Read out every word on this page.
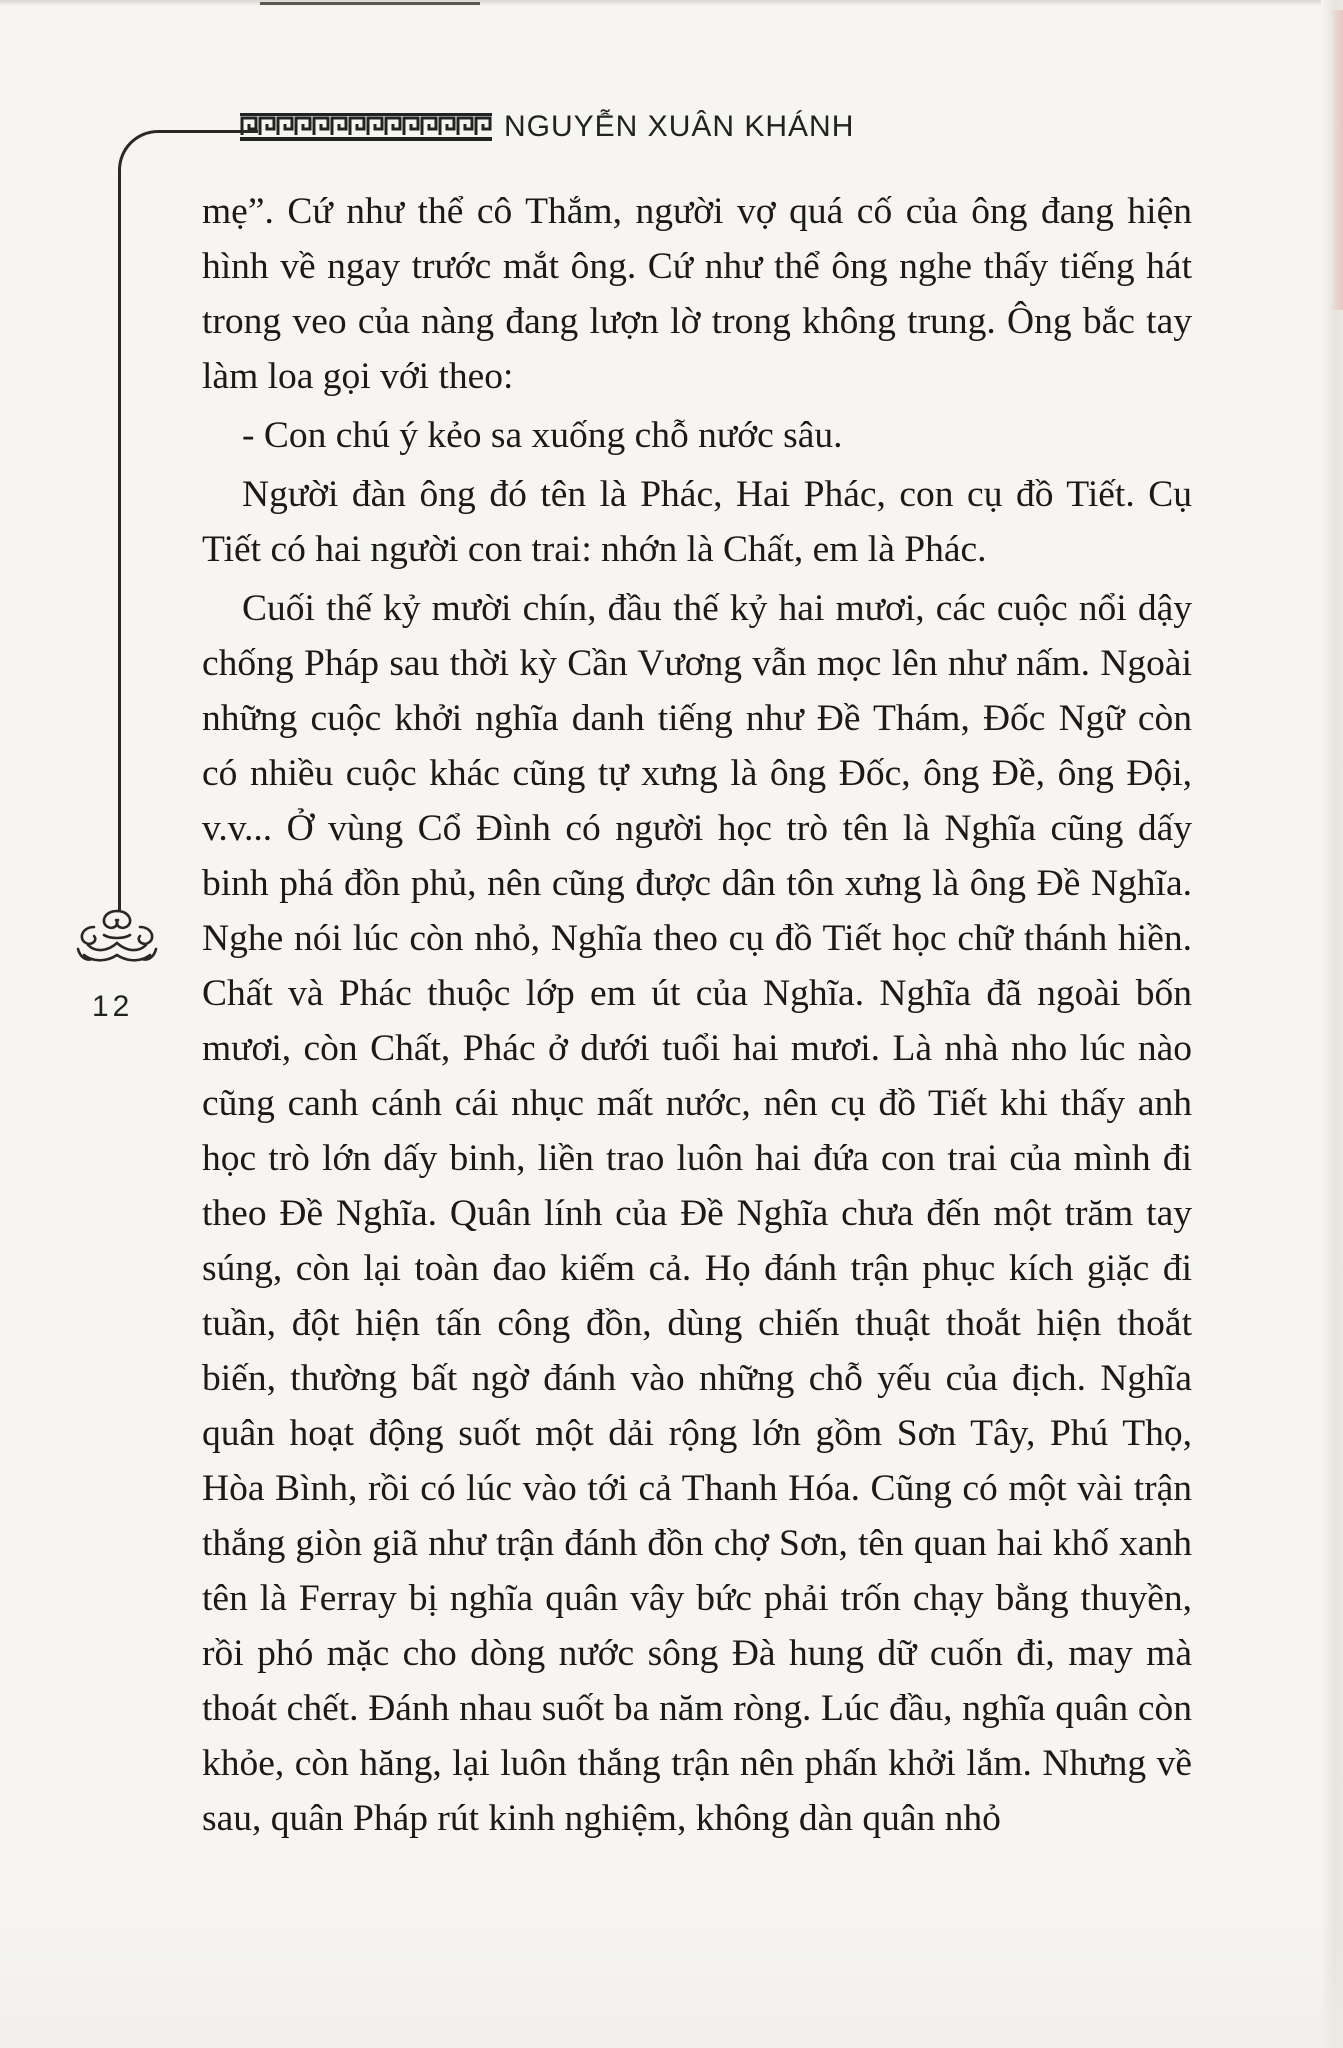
NGUYỄN XUÂN KHÁNH
12

mẹ”. Cứ như thể cô Thắm, người vợ quá cố của ông đang hiện hình về ngay trước mắt ông. Cứ như thể ông nghe thấy tiếng hát trong veo của nàng đang lượn lờ trong không trung. Ông bắc tay làm loa gọi với theo:

- Con chú ý kẻo sa xuống chỗ nước sâu.

Người đàn ông đó tên là Phác, Hai Phác, con cụ đồ Tiết. Cụ Tiết có hai người con trai: nhớn là Chất, em là Phác.

Cuối thế kỷ mười chín, đầu thế kỷ hai mươi, các cuộc nổi dậy chống Pháp sau thời kỳ Cần Vương vẫn mọc lên như nấm. Ngoài những cuộc khởi nghĩa danh tiếng như Đề Thám, Đốc Ngữ còn có nhiều cuộc khác cũng tự xưng là ông Đốc, ông Đề, ông Đội, v.v... Ở vùng Cổ Đình có người học trò tên là Nghĩa cũng dấy binh phá đồn phủ, nên cũng được dân tôn xưng là ông Đề Nghĩa. Nghe nói lúc còn nhỏ, Nghĩa theo cụ đồ Tiết học chữ thánh hiền. Chất và Phác thuộc lớp em út của Nghĩa. Nghĩa đã ngoài bốn mươi, còn Chất, Phác ở dưới tuổi hai mươi. Là nhà nho lúc nào cũng canh cánh cái nhục mất nước, nên cụ đồ Tiết khi thấy anh học trò lớn dấy binh, liền trao luôn hai đứa con trai của mình đi theo Đề Nghĩa. Quân lính của Đề Nghĩa chưa đến một trăm tay súng, còn lại toàn đao kiếm cả. Họ đánh trận phục kích giặc đi tuần, đột hiện tấn công đồn, dùng chiến thuật thoắt hiện thoắt biến, thường bất ngờ đánh vào những chỗ yếu của địch. Nghĩa quân hoạt động suốt một dải rộng lớn gồm Sơn Tây, Phú Thọ, Hòa Bình, rồi có lúc vào tới cả Thanh Hóa. Cũng có một vài trận thắng giòn giã như trận đánh đồn chợ Sơn, tên quan hai khố xanh tên là Ferray bị nghĩa quân vây bức phải trốn chạy bằng thuyền, rồi phó mặc cho dòng nước sông Đà hung dữ cuốn đi, may mà thoát chết. Đánh nhau suốt ba năm ròng. Lúc đầu, nghĩa quân còn khỏe, còn hăng, lại luôn thắng trận nên phấn khởi lắm. Nhưng về sau, quân Pháp rút kinh nghiệm, không dàn quân nhỏ
